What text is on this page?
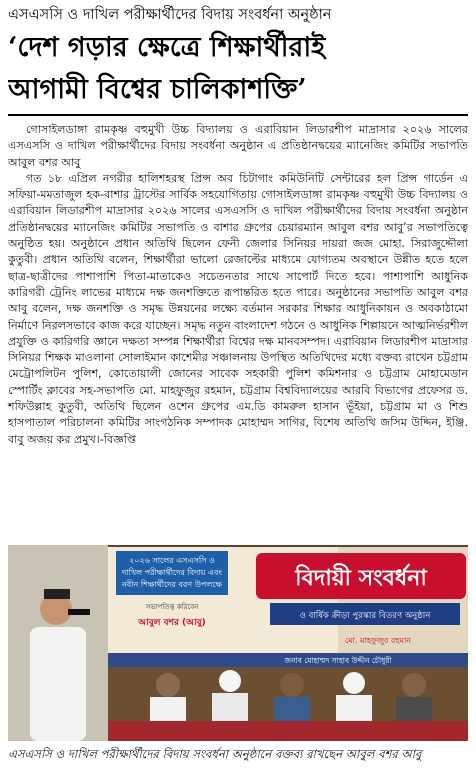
এসএসসি ও দাখিল পরীক্ষার্থীদের বিদায় সংবর্ধনা অনুষ্ঠান
‘দেশ গড়ার ক্ষেত্রে শিক্ষার্থীরাই
আগামী বিশ্বের চালিকাশক্তি’

গোসাইলডাঙ্গা রামকৃষ্ণ বহুমুখী উচ্চ বিদ্যালয় ও এরাবিয়ান লিডারশীপ মাদ্রাসার ২০২৬ সালের এসএসসি ও দাখিল পরীক্ষার্থীদের বিদায় সংবর্ধনা অনুষ্ঠান এ প্রতিষ্ঠানদ্বয়ের ম্যানেজিং কমিটির সভাপতি আবুল বশর আবু

গত ১৮ এপ্রিল নগরীর হালিশহরস্থ প্রিন্স অব চিটাগাং কমিউনিটি সেন্টারের হল প্রিন্স গার্ডেন এ সফিয়া-মমতাজুল হক-বাশার ট্রাস্টের সার্বিক সহযোগিতায় গোসাইলডাঙ্গা রামকৃষ্ণ বহুমুখী উচ্চ বিদ্যালয় ও এরাবিয়ান লিডারশীপ মাদ্রাসার ২০২৬ সালের এসএসসি ও দাখিল পরীক্ষার্থীদের বিদায় সংবর্ধনা অনুষ্ঠান প্রতিষ্ঠানদ্বয়ের ম্যানেজিং কমিটির সভাপতি ও বাশার গ্রুপের চেয়ারম্যান আবুল বশর আবু’র সভাপতিত্বে অনুষ্ঠিত হয়। অনুষ্ঠানে প্রধান অতিথি ছিলেন ফেনী জেলার সিনিয়র দায়রা জজ মোহা. সিরাজুদ্দৌলা কুতুবী। প্রধান অতিথি বলেন, শিক্ষার্থীরা ভালো রেজাল্টের মাধ্যমে যোগ্যতম অবস্থানে উন্নীত হতে হলে ছাত্র-ছাত্রীদের পাশাপাশি পিতা-মাতাকেও সচেতনতার সাথে সাপোর্ট দিতে হবে। পাশাপাশি আধুনিক কারিগরী ট্রেনিং লাভের মাধ্যমে দক্ষ জনশক্তিতে রূপান্তরিত হতে পারে। অনুষ্ঠানের সভাপতি আবুল বশর আবু বলেন, দক্ষ জনশক্তি ও সমৃদ্ধ উন্নয়নের লক্ষ্যে বর্তমান সরকার শিক্ষার আধুনিকায়ন ও অবকাঠামো নির্মাণে নিরলসভাবে কাজ করে যাচ্ছেন। সমৃদ্ধ নতুন বাংলাদেশ গঠনে ও আধুনিক শিল্পায়নে আত্মনির্ভরশীল প্রযুক্তি ও কারিগরি জ্ঞানে দক্ষতা সম্পন্ন শিক্ষার্থীরা বিশ্বের দক্ষ মানবসম্পদ। এরাবিয়ান লিডারশীপ মাদ্রাসার সিনিয়র শিক্ষক মাওলানা সোলাইমান কাশেমীর সঞ্চালনায় উপস্থিত অতিথিদের মধ্যে বক্তব্য রাখেন চট্টগ্রাম মেট্রোপলিটন পুলিশ, কোতোয়ালী জোনের সাবেক সহকারী পুলিশ কমিশনার ও চট্টগ্রাম মোহামেডান স্পোর্টিং ক্লাবের সহ-সভাপতি মো. মাহফুজুর রহমান, চট্টগ্রাম বিশ্ববিদ্যালয়ের আরবি বিভাগের প্রফেসর ড. শফিউল্লাহ কুতুবী, অতিথি ছিলেন ওশেন গ্রুপের এম.ডি কামরুল হাসান ভূঁইয়া, চট্টগ্রাম মা ও শিশু হাসপাতাল পরিচালনা কমিটির সাংগঠনিক সম্পাদক মোহাম্মদ সাগির, বিশেষ অতিথি জসিম উদ্দিন, ইঞ্জি. বাবু অজয় কর প্রমুখ।-বিজ্ঞপ্তি

২০২৬ সালের এসএসসি ও
দাখিল পরীক্ষার্থীদের বিদায় এবং
নবীন শিক্ষার্থীদের বরণ উপলক্ষে
সভাপতিত্ব করিবেন
আবুল বশর (আবু)
বিদায়ী সংবর্ধনা
ও বার্ষিক ক্রীড়া পুরস্কার বিতরণ অনুষ্ঠান
মো. মাহফুজুর রহমান
জনাব মোহাম্মদ সাহাব উদ্দীন চৌধুরী
এসএসসি ও দাখিল পরীক্ষার্থীদের বিদায় সংবর্ধনা অনুষ্ঠানে বক্তব্য রাখছেন আবুল বশর আবু
